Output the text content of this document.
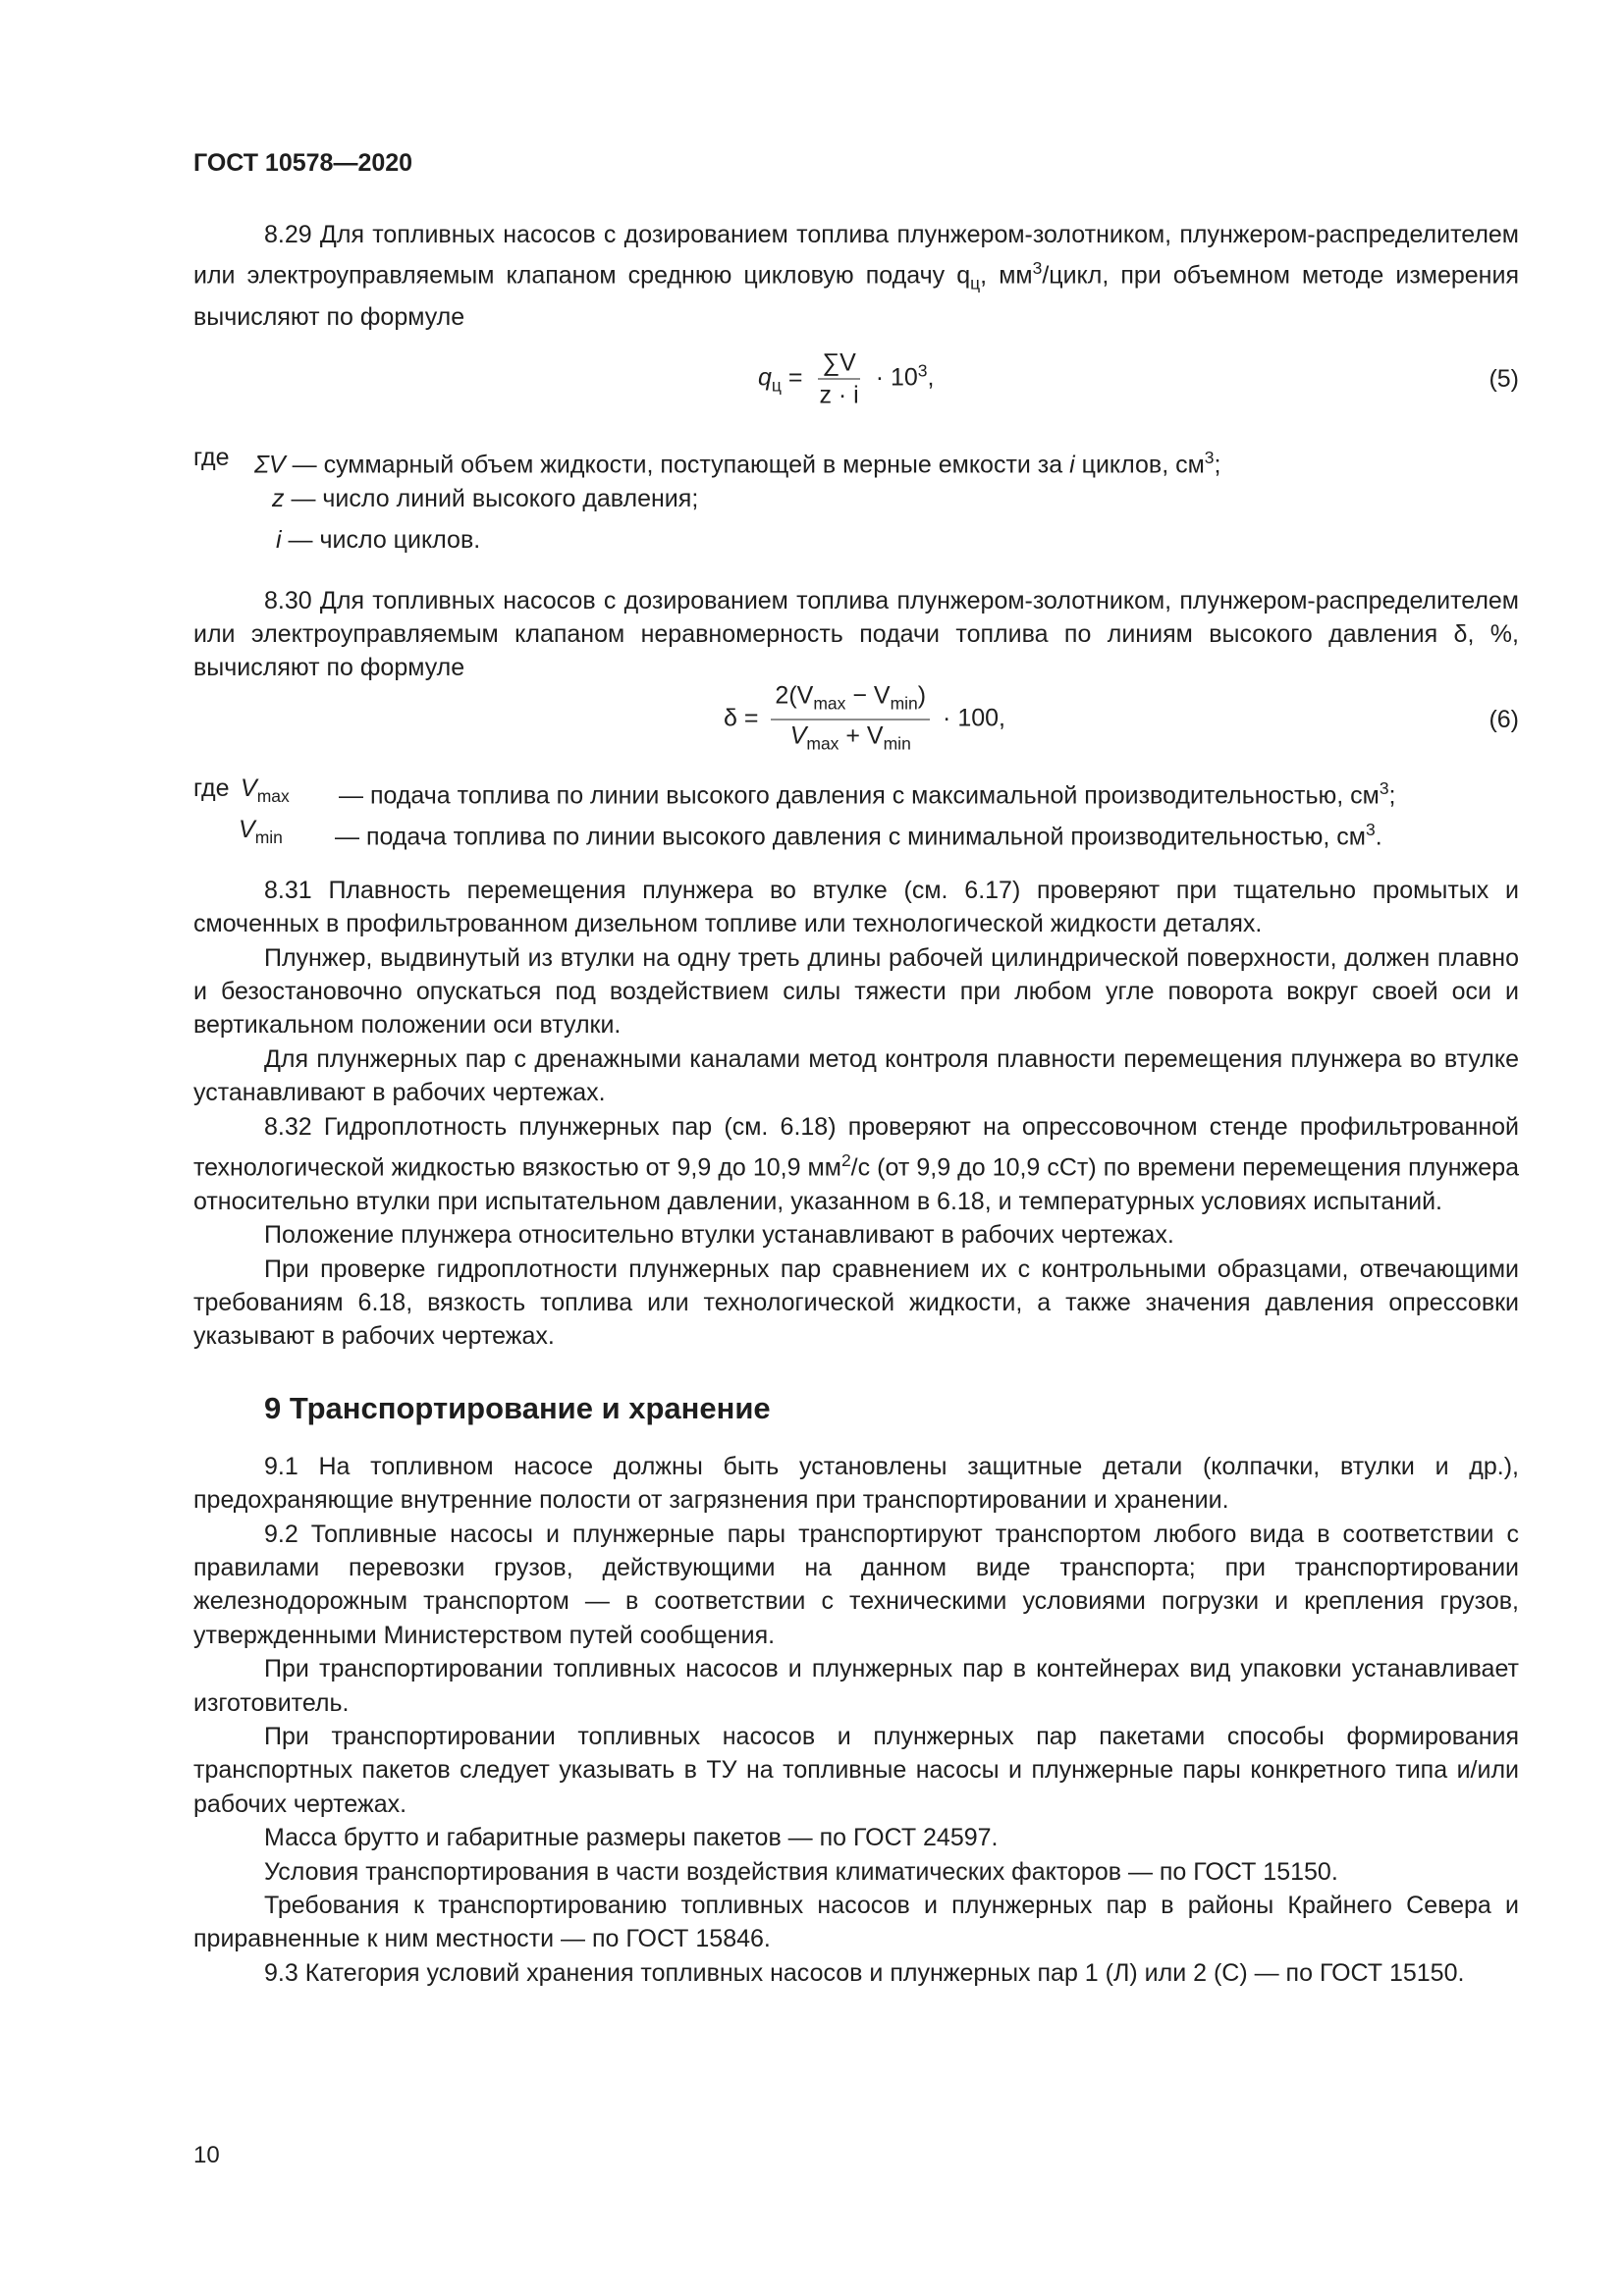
ГОСТ 10578—2020

8.29 Для топливных насосов с дозированием топлива плунжером-золотником, плунжером-распределителем или электроуправляемым клапаном среднюю цикловую подачу $q_ц$, $мм^3$/цикл, при объемном методе измерения вычисляют по формуле

$q_ц = \frac{\sum V}{z \cdot i} \cdot 10^3$,	(5)
где ΣV — суммарный объем жидкости, поступающей в мерные емкости за i циклов, $см^3$;
z — число линий высокого давления;
i — число циклов.

8.30 Для топливных насосов с дозированием топлива плунжером-золотником, плунжером-распределителем или электроуправляемым клапаном неравномерность подачи топлива по линиям высокого давления δ, %, вычисляют по формуле

$\delta = \frac{2(V_{max} - V_{min})}{V_{max} + V_{min}} \cdot 100$,	(6)
где $V_{max}$ — подача топлива по линии высокого давления с максимальной производительностью, $см^3$;
$V_{min}$ — подача топлива по линии высокого давления с минимальной производительностью, $см^3$.

8.31 Плавность перемещения плунжера во втулке (см. 6.17) проверяют при тщательно промытых и смоченных в профильтрованном дизельном топливе или технологической жидкости деталях.

Плунжер, выдвинутый из втулки на одну треть длины рабочей цилиндрической поверхности, должен плавно и безостановочно опускаться под воздействием силы тяжести при любом угле поворота вокруг своей оси и вертикальном положении оси втулки.

Для плунжерных пар с дренажными каналами метод контроля плавности перемещения плунжера во втулке устанавливают в рабочих чертежах.

8.32 Гидроплотность плунжерных пар (см. 6.18) проверяют на опрессовочном стенде профильтрованной технологической жидкостью вязкостью от 9,9 до 10,9 $мм^2/с$ (от 9,9 до 10,9 сСт) по времени перемещения плунжера относительно втулки при испытательном давлении, указанном в 6.18, и температурных условиях испытаний.

Положение плунжера относительно втулки устанавливают в рабочих чертежах.

При проверке гидроплотности плунжерных пар сравнением их с контрольными образцами, отвечающими требованиям 6.18, вязкость топлива или технологической жидкости, а также значения давления опрессовки указывают в рабочих чертежах.

9 Транспортирование и хранение

9.1 На топливном насосе должны быть установлены защитные детали (колпачки, втулки и др.), предохраняющие внутренние полости от загрязнения при транспортировании и хранении.

9.2 Топливные насосы и плунжерные пары транспортируют транспортом любого вида в соответствии с правилами перевозки грузов, действующими на данном виде транспорта; при транспортировании железнодорожным транспортом — в соответствии с техническими условиями погрузки и крепления грузов, утвержденными Министерством путей сообщения.

При транспортировании топливных насосов и плунжерных пар в контейнерах вид упаковки устанавливает изготовитель.

При транспортировании топливных насосов и плунжерных пар пакетами способы формирования транспортных пакетов следует указывать в ТУ на топливные насосы и плунжерные пары конкретного типа и/или рабочих чертежах.

Масса брутто и габаритные размеры пакетов — по ГОСТ 24597.

Условия транспортирования в части воздействия климатических факторов — по ГОСТ 15150.

Требования к транспортированию топливных насосов и плунжерных пар в районы Крайнего Севера и приравненные к ним местности — по ГОСТ 15846.

9.3 Категория условий хранения топливных насосов и плунжерных пар 1 (Л) или 2 (С) — по ГОСТ 15150.

10
